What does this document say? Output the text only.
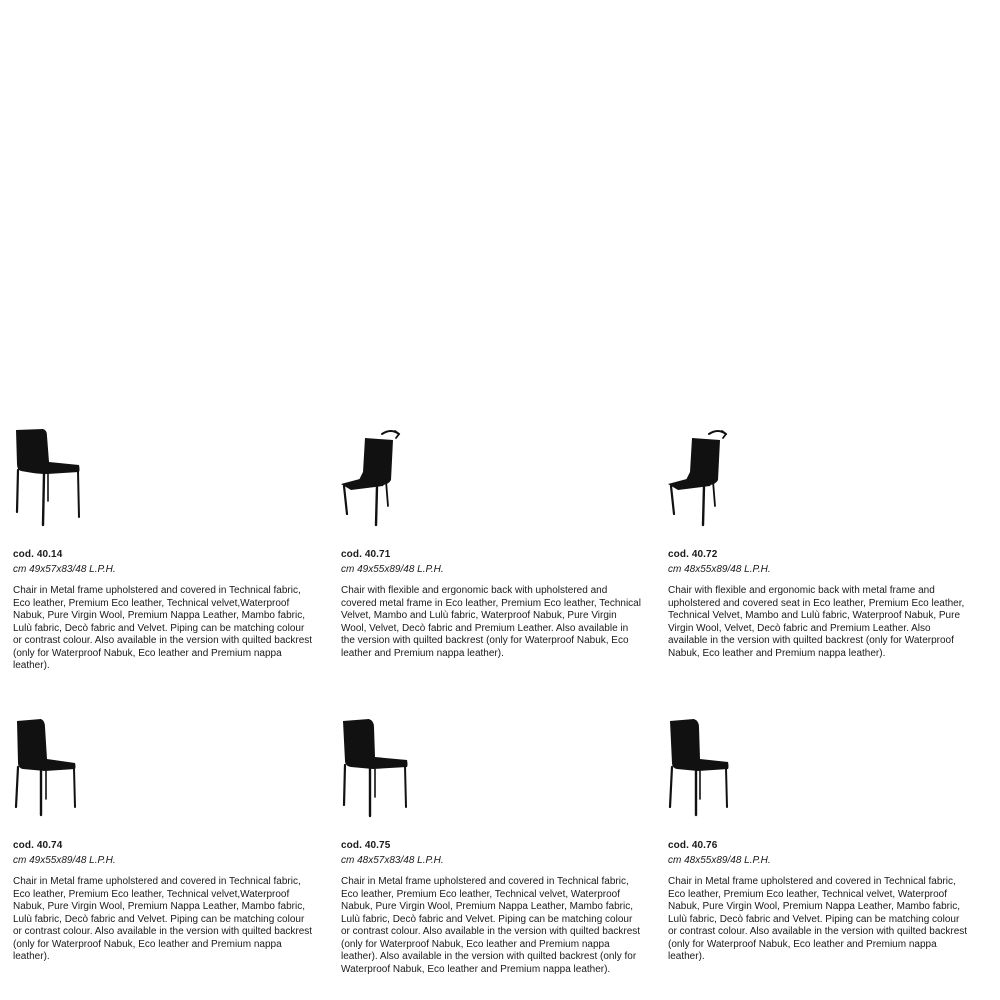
cod. 40.14
cm 49x57x83/48 L.P.H.
Chair in Metal frame upholstered and covered in Technical fabric, Eco leather, Premium Eco leather, Technical velvet,Waterproof Nabuk, Pure Virgin Wool, Premium Nappa Leather, Mambo fabric, Lulù fabric, Decò fabric and Velvet. Piping can be matching colour or contrast colour. Also available in the version with quilted backrest (only for Waterproof Nabuk, Eco leather and Premium nappa leather).
cod. 40.71
cm 49x55x89/48 L.P.H.
Chair with flexible and ergonomic back with upholstered and covered metal frame in Eco leather, Premium Eco leather, Technical Velvet, Mambo and Lulù fabric, Waterproof Nabuk, Pure Virgin Wool, Velvet, Decò fabric and Premium Leather. Also available in the version with quilted backrest (only for Waterproof Nabuk, Eco leather and Premium nappa leather).
cod. 40.72
cm 48x55x89/48 L.P.H.
Chair with flexible and ergonomic back with metal frame and upholstered and covered seat in Eco leather, Premium Eco leather, Technical Velvet, Mambo and Lulù fabric, Waterproof Nabuk, Pure Virgin Wool, Velvet, Decò fabric and Premium Leather. Also available in the version with quilted backrest (only for Waterproof Nabuk, Eco leather and Premium nappa leather).
cod. 40.74
cm 49x55x89/48 L.P.H.
Chair in Metal frame upholstered and covered in Technical fabric, Eco leather, Premium Eco leather, Technical velvet,Waterproof Nabuk, Pure Virgin Wool, Premium Nappa Leather, Mambo fabric, Lulù fabric, Decò fabric and Velvet. Piping can be matching colour or contrast colour. Also available in the version with quilted backrest (only for Waterproof Nabuk, Eco leather and Premium nappa leather).
cod. 40.75
cm 48x57x83/48 L.P.H.
Chair in Metal frame upholstered and covered in Technical fabric, Eco leather, Premium Eco leather, Technical velvet, Waterproof Nabuk, Pure Virgin Wool, Premium Nappa Leather, Mambo fabric, Lulù fabric, Decò fabric and Velvet. Piping can be matching colour or contrast colour. Also available in the version with quilted backrest (only for Waterproof Nabuk, Eco leather and Premium nappa leather). Also available in the version with quilted backrest (only for Waterproof Nabuk, Eco leather and Premium nappa leather).
cod. 40.76
cm 48x55x89/48 L.P.H.
Chair in Metal frame upholstered and covered in Technical fabric, Eco leather, Premium Eco leather, Technical velvet, Waterproof Nabuk, Pure Virgin Wool, Premium Nappa Leather, Mambo fabric, Lulù fabric, Decò fabric and Velvet. Piping can be matching colour or contrast colour. Also available in the version with quilted backrest (only for Waterproof Nabuk, Eco leather and Premium nappa leather).
